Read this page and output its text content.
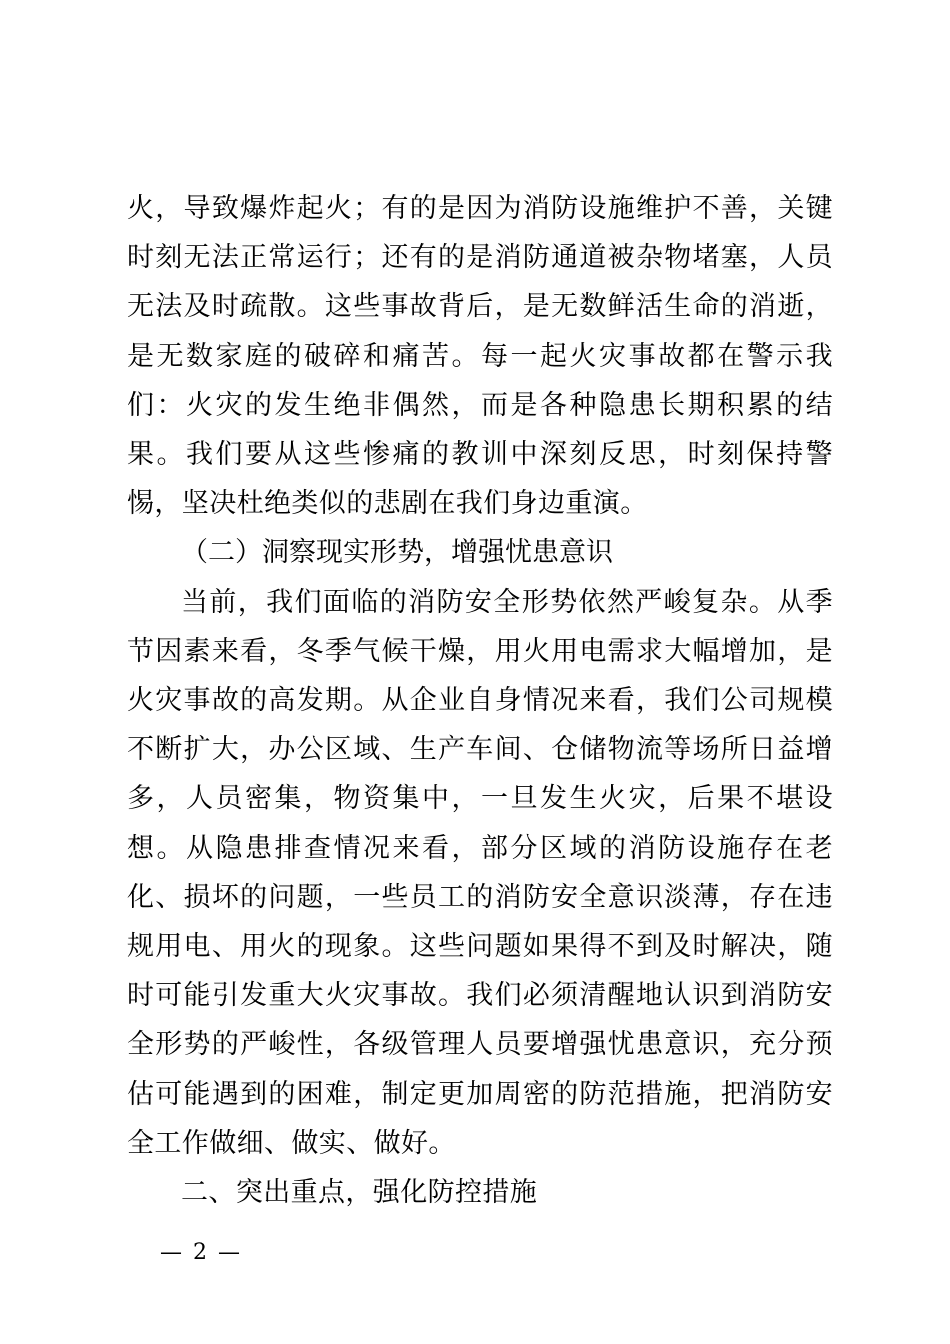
火，导致爆炸起火；有的是因为消防设施维护不善，关键时刻无法正常运行；还有的是消防通道被杂物堵塞，人员无法及时疏散。这些事故背后，是无数鲜活生命的消逝，是无数家庭的破碎和痛苦。每一起火灾事故都在警示我们：火灾的发生绝非偶然，而是各种隐患长期积累的结果。我们要从这些惨痛的教训中深刻反思，时刻保持警惕，坚决杜绝类似的悲剧在我们身边重演。

（二）洞察现实形势，增强忧患意识

当前，我们面临的消防安全形势依然严峻复杂。从季节因素来看，冬季气候干燥，用火用电需求大幅增加，是火灾事故的高发期。从企业自身情况来看，我们公司规模不断扩大，办公区域、生产车间、仓储物流等场所日益增多，人员密集，物资集中，一旦发生火灾，后果不堪设想。从隐患排查情况来看，部分区域的消防设施存在老化、损坏的问题，一些员工的消防安全意识淡薄，存在违规用电、用火的现象。这些问题如果得不到及时解决，随时可能引发重大火灾事故。我们必须清醒地认识到消防安全形势的严峻性，各级管理人员要增强忧患意识，充分预估可能遇到的困难，制定更加周密的防范措施，把消防安全工作做细、做实、做好。

二、突出重点，强化防控措施

— 2 —
